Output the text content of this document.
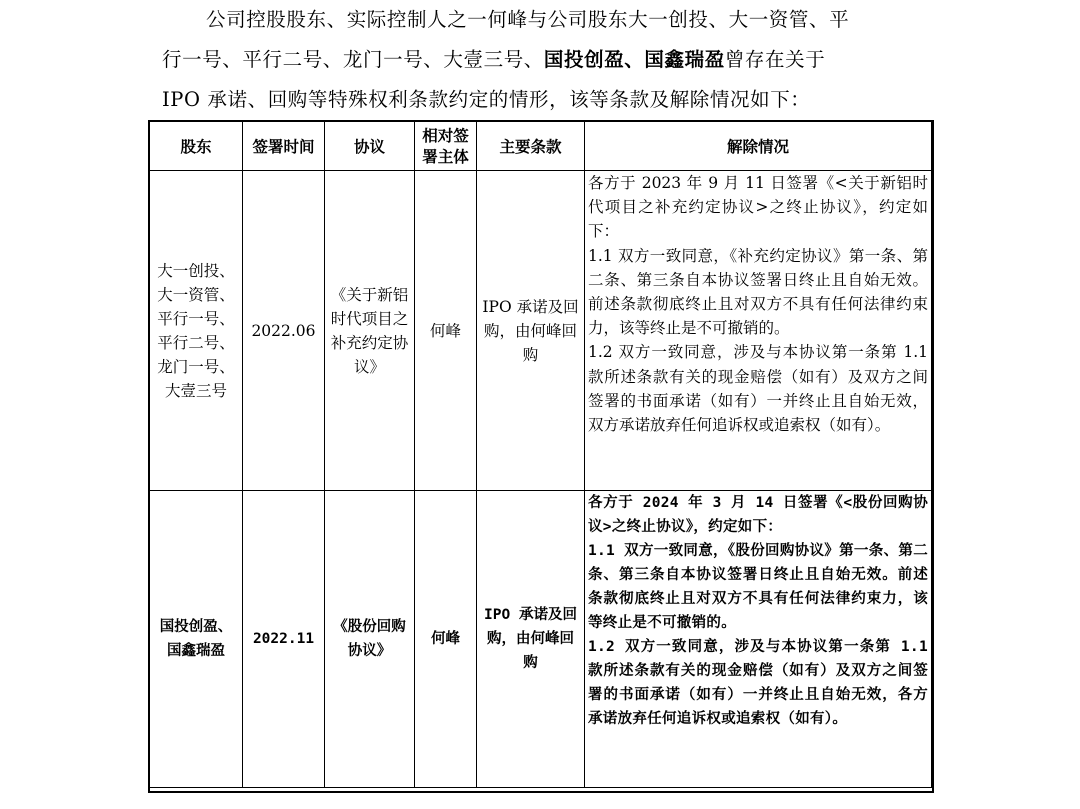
公司控股股东、实际控制人之一何峰与公司股东大一创投、大一资管、平
行一号、平行二号、龙门一号、大壹三号、国投创盈、国鑫瑞盈曾存在关于
IPO 承诺、回购等特殊权利条款约定的情形，该等条款及解除情况如下：
股东	签署时间	协议	相对签署主体	主要条款	解除情况
大一创投、大一资管、平行一号、平行二号、龙门一号、大壹三号	2022.06	《关于新铝时代项目之补充约定协议》	何峰	IPO 承诺及回购，由何峰回购	各方于 2023 年 9 月 11 日签署《<关于新铝时代项目之补充约定协议>之终止协议》，约定如下：
1.1 双方一致同意，《补充约定协议》第一条、第二条、第三条自本协议签署日终止且自始无效。前述条款彻底终止且对双方不具有任何法律约束力，该等终止是不可撤销的。
1.2 双方一致同意，涉及与本协议第一条第 1.1 款所述条款有关的现金赔偿（如有）及双方之间签署的书面承诺（如有）一并终止且自始无效，双方承诺放弃任何追诉权或追索权（如有）。
国投创盈、国鑫瑞盈	2022.11	《股份回购协议》	何峰	IPO 承诺及回购，由何峰回购	各方于 2024 年 3 月 14 日签署《<股份回购协议>之终止协议》，约定如下：
1.1 双方一致同意，《股份回购协议》第一条、第二条、第三条自本协议签署日终止且自始无效。前述条款彻底终止且对双方不具有任何法律约束力，该等终止是不可撤销的。
1.2 双方一致同意，涉及与本协议第一条第 1.1 款所述条款有关的现金赔偿（如有）及双方之间签署的书面承诺（如有）一并终止且自始无效，各方承诺放弃任何追诉权或追索权（如有）。
